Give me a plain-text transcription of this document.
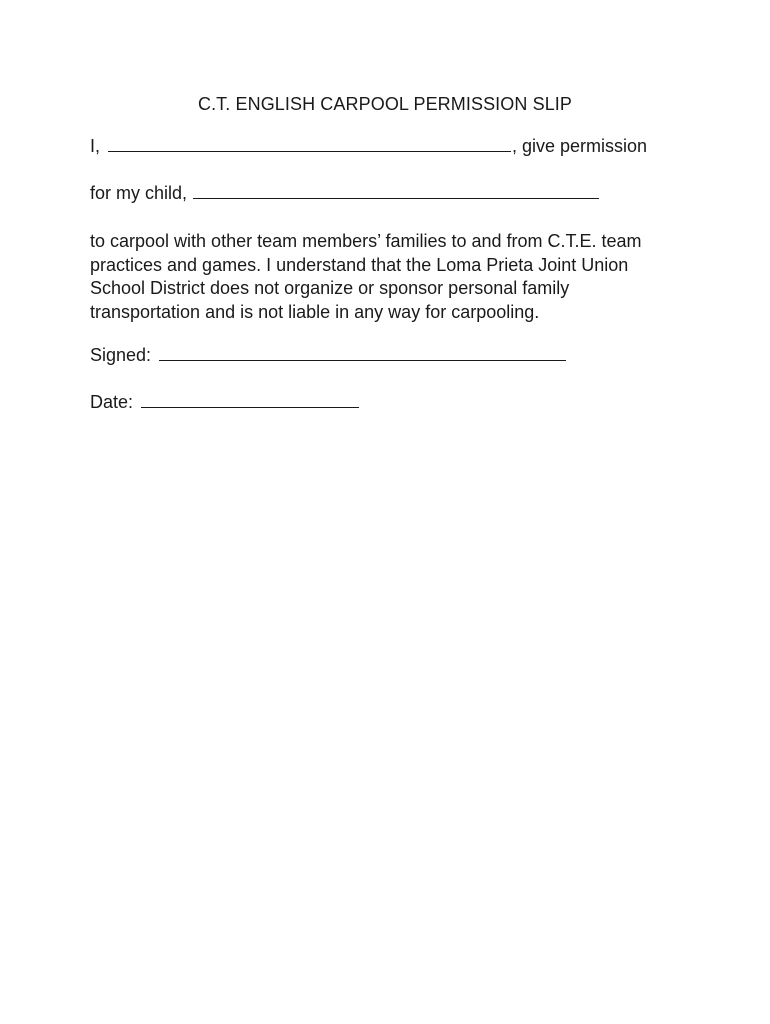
C.T. ENGLISH CARPOOL PERMISSION SLIP
I,	, give permission
for my child,
to carpool with other team members’ families to and from C.T.E. team
practices and games. I understand that the Loma Prieta Joint Union
School District does not organize or sponsor personal family
transportation and is not liable in any way for carpooling.
Signed:
Date:
